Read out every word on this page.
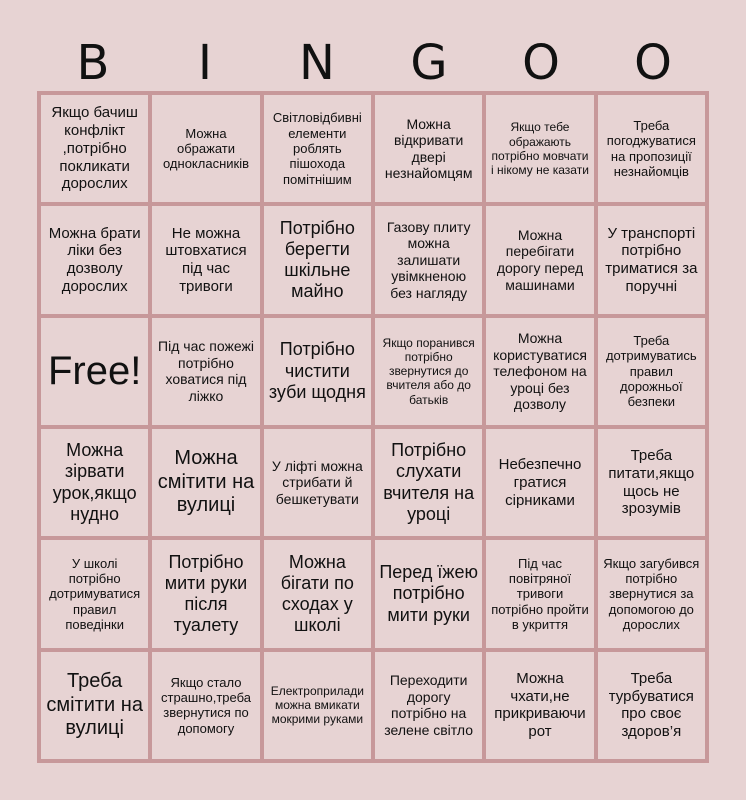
B	I	N	G	O	O
Якщо бачиш конфлікт ,потрібно покликати дорослих
Можна ображати однокласників
Світловідбивні елементи роблять пішохода помітнішим
Можна відкривати двері незнайомцям
Якщо тебе ображають потрібно мовчати і нікому не казати
Треба погоджуватися на пропозиції незнайомців
Можна брати ліки без дозволу дорослих
Не можна штовхатися під час тривоги
Потрібно берегти шкільне майно
Газову плиту можна залишати увімкненою без нагляду
Можна перебігати дорогу перед машинами
У транспорті потрібно триматися за поручні
Free!
Під час пожежі потрібно ховатися під ліжко
Потрібно чистити зуби щодня
Якщо поранився потрібно звернутися до вчителя або до батьків
Можна користуватися телефоном на уроці без дозволу
Треба дотримуватись правил дорожньої безпеки
Можна зірвати урок,якщо нудно
Можна смітити на вулиці
У ліфті можна стрибати й бешкетувати
Потрібно слухати вчителя на уроці
Небезпечно гратися сірниками
Треба питати,якщо щось не зрозумів
У школі потрібно дотримуватися правил поведінки
Потрібно мити руки після туалету
Можна бігати по сходах у школі
Перед їжею потрібно мити руки
Під час повітряної тривоги потрібно пройти в укриття
Якщо загубився потрібно звернутися за допомогою до дорослих
Треба смітити на вулиці
Якщо стало страшно,треба звернутися по допомогу
Електроприлади можна вмикати мокрими руками
Переходити дорогу потрібно на зелене світло
Можна чхати,не прикриваючи рот
Треба турбуватися про своє здоров’я
